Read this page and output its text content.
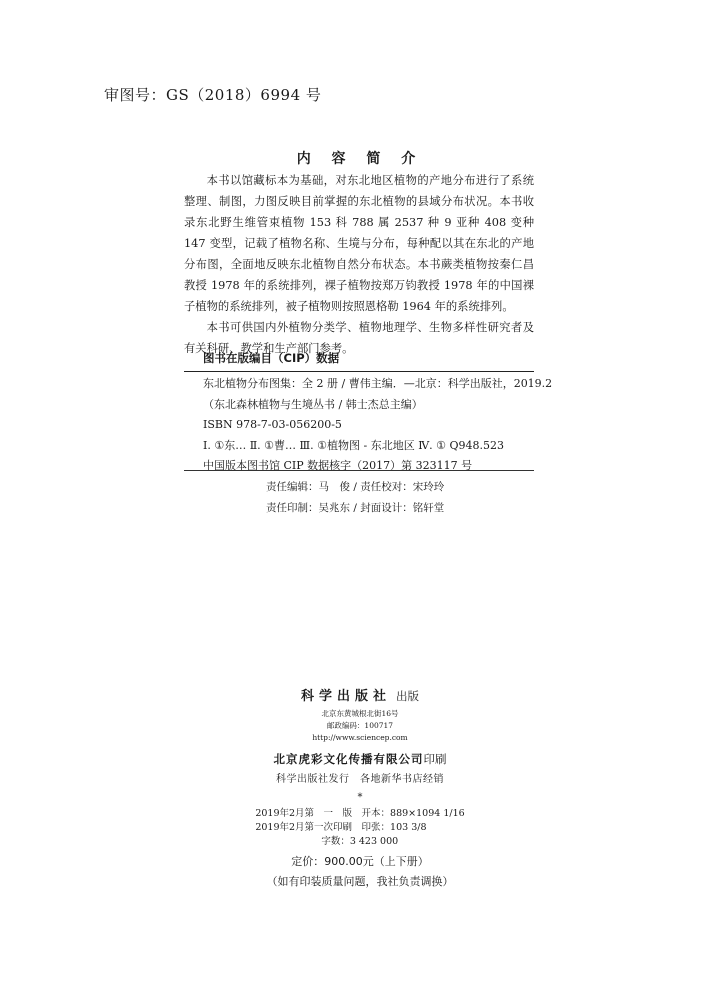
审图号：GS（2018）6994 号
内 容 简 介

本书以馆藏标本为基础，对东北地区植物的产地分布进行了系统整理、制图，力图反映目前掌握的东北植物的县域分布状况。本书收录东北野生维管束植物 153 科 788 属 2537 种 9 亚种 408 变种 147 变型，记载了植物名称、生境与分布，每种配以其在东北的产地分布图，全面地反映东北植物自然分布状态。本书蕨类植物按秦仁昌教授 1978 年的系统排列，裸子植物按郑万钧教授 1978 年的中国裸子植物的系统排列，被子植物则按照恩格勒 1964 年的系统排列。

本书可供国内外植物分类学、植物地理学、生物多样性研究者及有关科研、教学和生产部门参考。

图书在版编目（CIP）数据
东北植物分布图集：全 2 册 / 曹伟主编．—北京：科学出版社，2019.2
（东北森林植物与生境丛书 / 韩士杰总主编）
ISBN 978-7-03-056200-5
Ⅰ. ①东… Ⅱ. ①曹… Ⅲ. ①植物图 - 东北地区 Ⅳ. ① Q948.523
中国版本图书馆 CIP 数据核字（2017）第 323117 号
责任编辑：马　俊 / 责任校对：宋玲玲
责任印制：吴兆东 / 封面设计：铭轩堂
科学出版社 出版
北京东黄城根北街16号
邮政编码：100717
http://www.sciencep.com
北京虎彩文化传播有限公司印刷
科学出版社发行　各地新华书店经销
*
2019年2月第　一　版　开本：889×1094 1/16
2019年2月第一次印刷　印张：103 3/8
字数：3 423 000
定价：900.00元（上下册）
（如有印装质量问题，我社负责调换）
